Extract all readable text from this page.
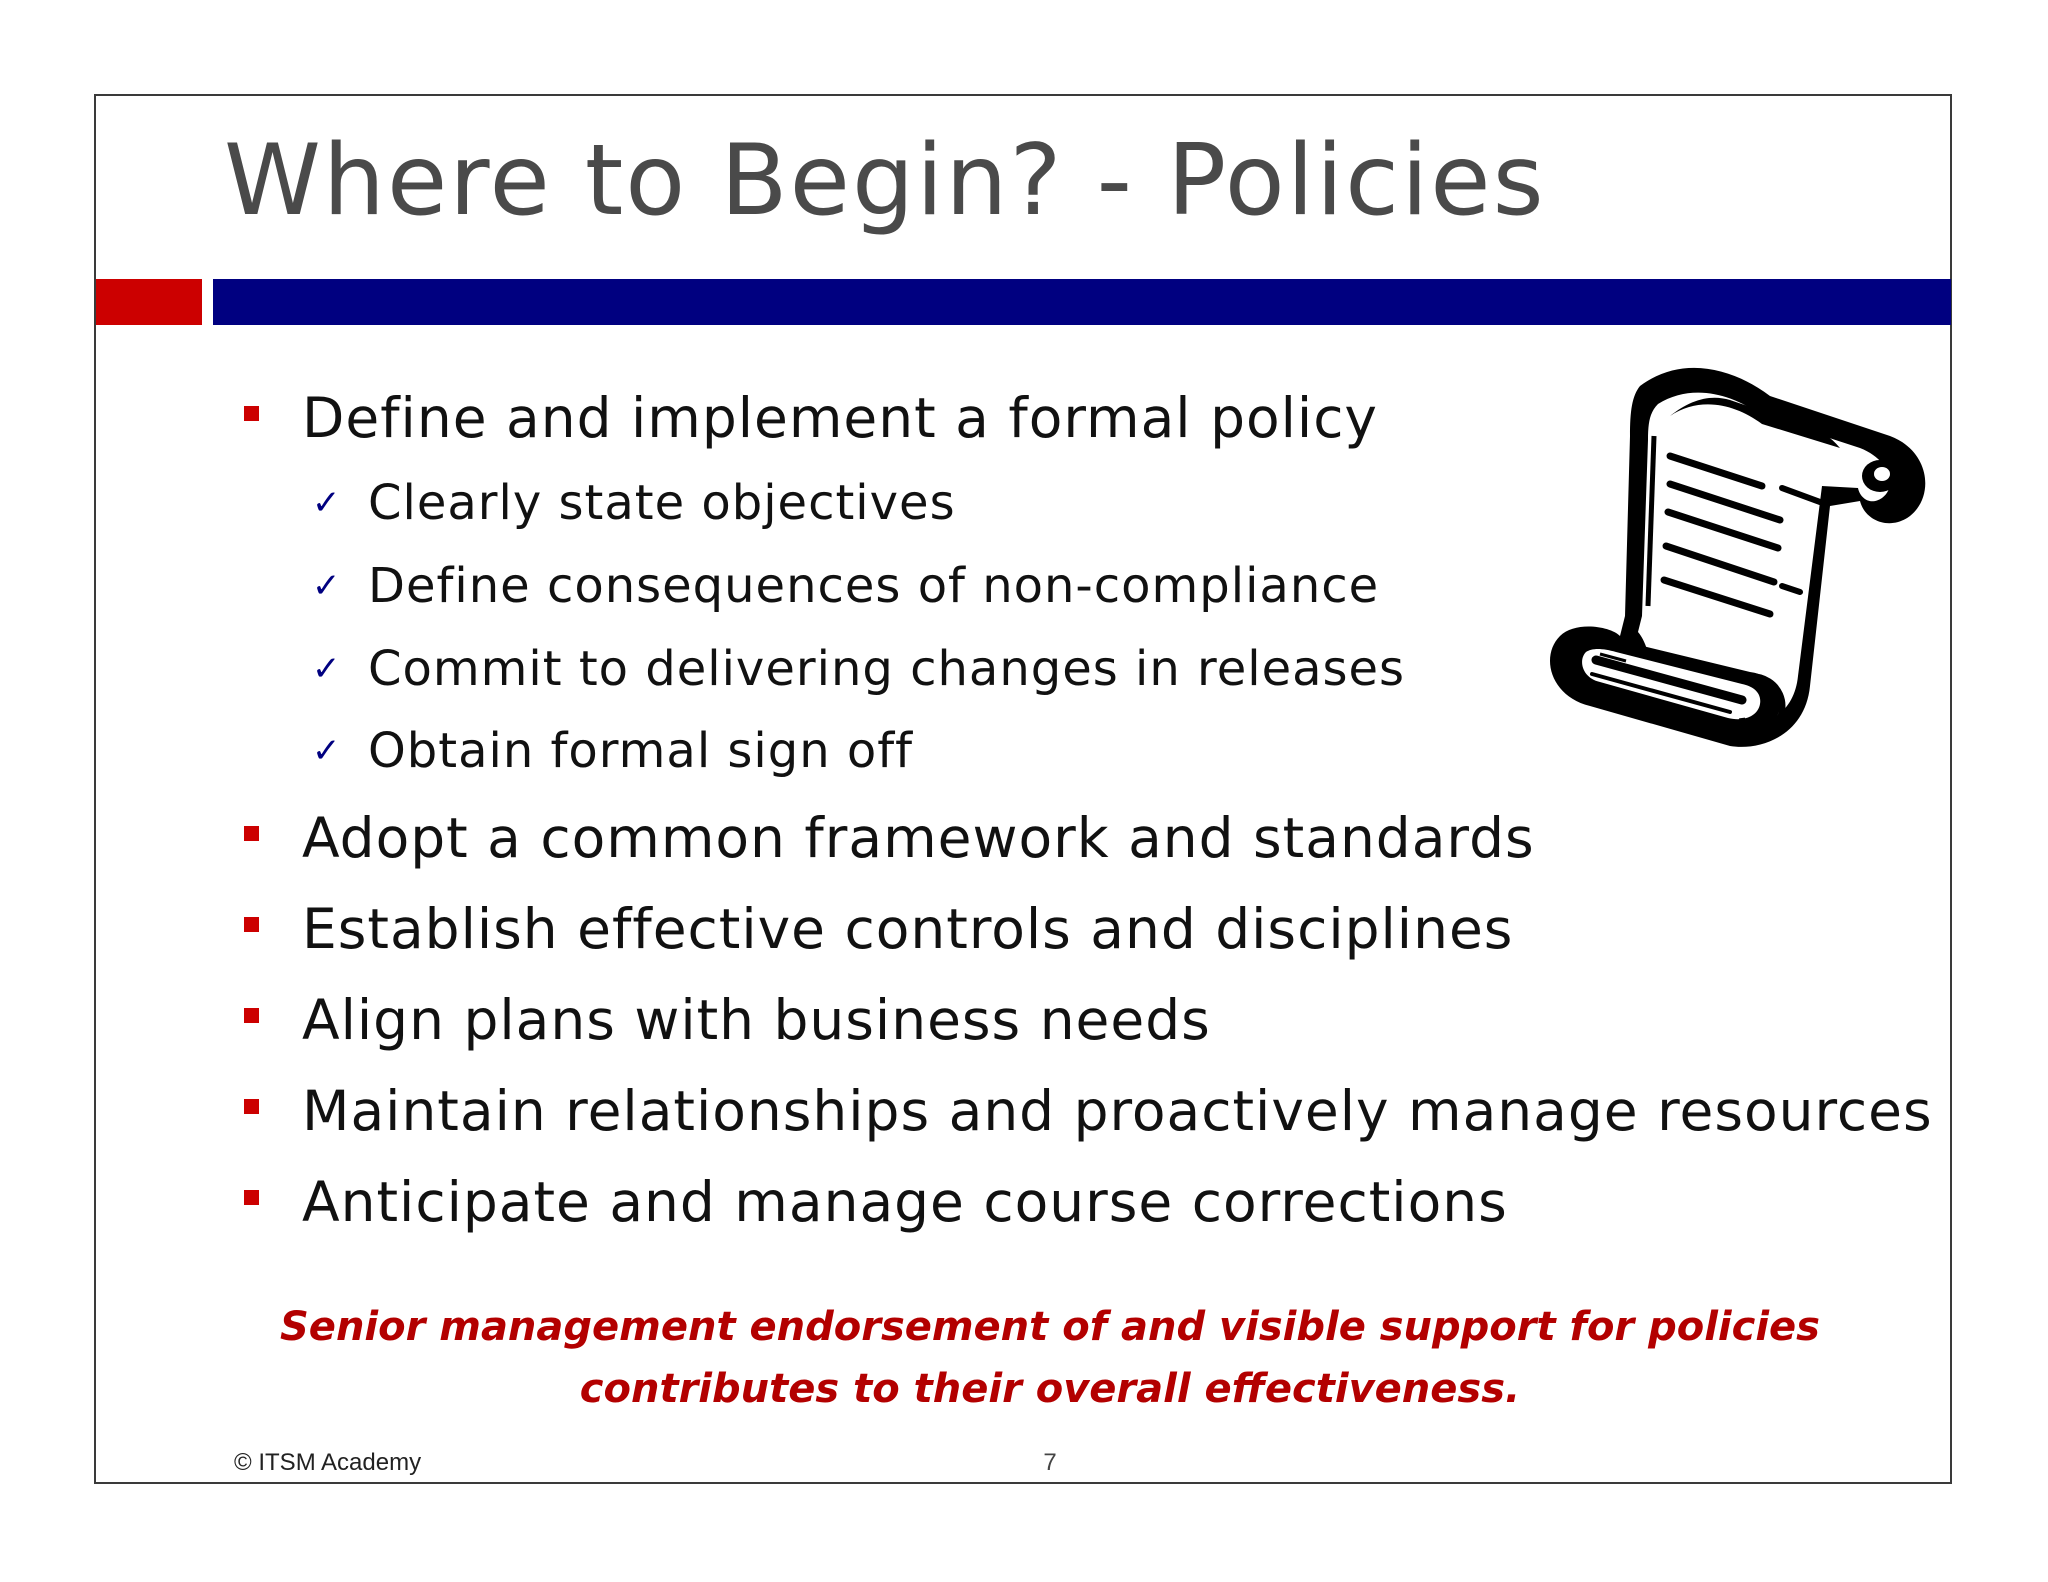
Where to Begin? - Policies
Define and implement a formal policy
✓ Clearly state objectives
✓ Define consequences of non-compliance
✓ Commit to delivering changes in releases
✓ Obtain formal sign off
Adopt a common framework and standards
Establish effective controls and disciplines
Align plans with business needs
Maintain relationships and proactively manage resources
Anticipate and manage course corrections
Senior management endorsement of and visible support for policies
contributes to their overall effectiveness.
© ITSM Academy	7
